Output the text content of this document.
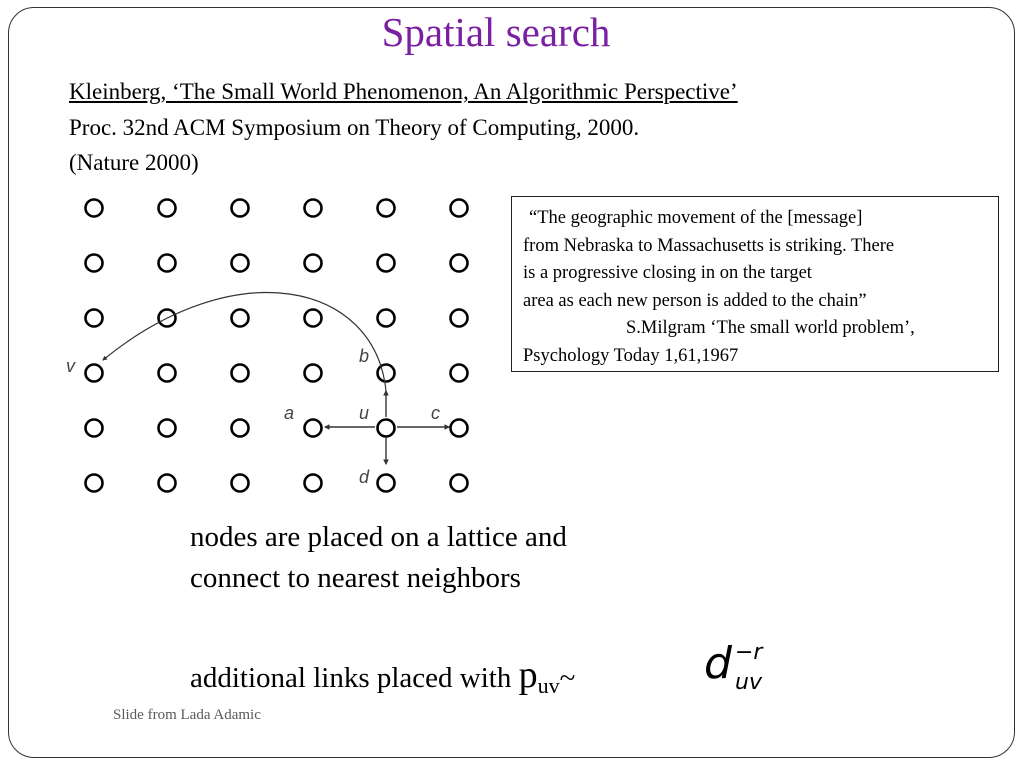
Spatial search
Kleinberg, ‘The Small World Phenomenon, An Algorithmic Perspective’
Proc. 32nd ACM Symposium on Theory of Computing, 2000.
(Nature 2000)
v	b
a	u	c
d
“The geographic movement of the [message]
from Nebraska to Massachusetts is striking. There
is a progressive closing in on the target
area as each new person is added to the chain”
S.Milgram ‘The small world problem’,
Psychology Today 1,61,1967
nodes are placed on a lattice and
connect to nearest neighbors
additional links placed with $p_{uv}\sim$	d −r
uv
Slide from Lada Adamic
